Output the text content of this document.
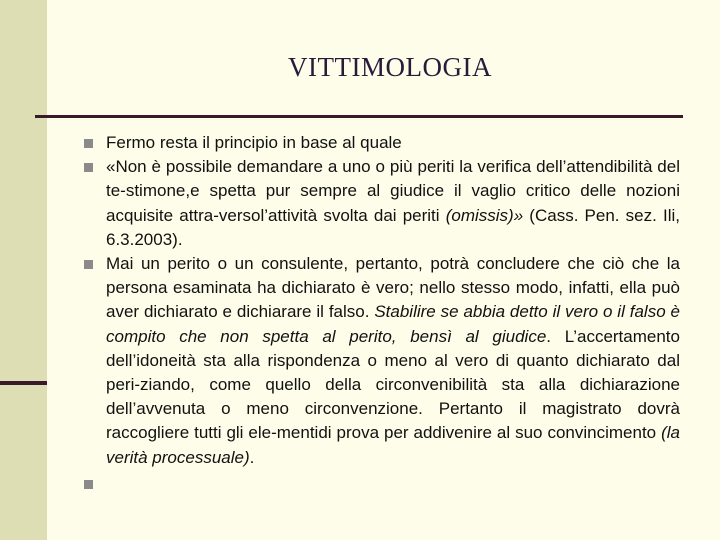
VITTIMOLOGIA
Fermo resta il principio in base al quale
«Non è possibile demandare a uno o più periti la verifica dell’attendibilità del te-stimone,e spetta pur sempre al giudice il vaglio critico delle nozioni acquisite attra-versol’attività svolta dai periti (omissis)» (Cass. Pen. sez. Ili, 6.3.2003).
Mai un perito o un consulente, pertanto, potrà concludere che ciò che la persona esaminata ha dichiarato è vero; nello stesso modo, infatti, ella può aver dichiarato e dichiarare il falso. Stabilire se abbia detto il vero o il falso è compito che non spetta al perito, bensì al giudice. L’accertamento dell’idoneità sta alla rispondenza o meno al vero di quanto dichiarato dal peri-ziando, come quello della circonvenibilità sta alla dichiarazione dell’avvenuta o meno circonvenzione. Pertanto il magistrato dovrà raccogliere tutti gli ele-mentidi prova per addivenire al suo convincimento (la verità processuale).
